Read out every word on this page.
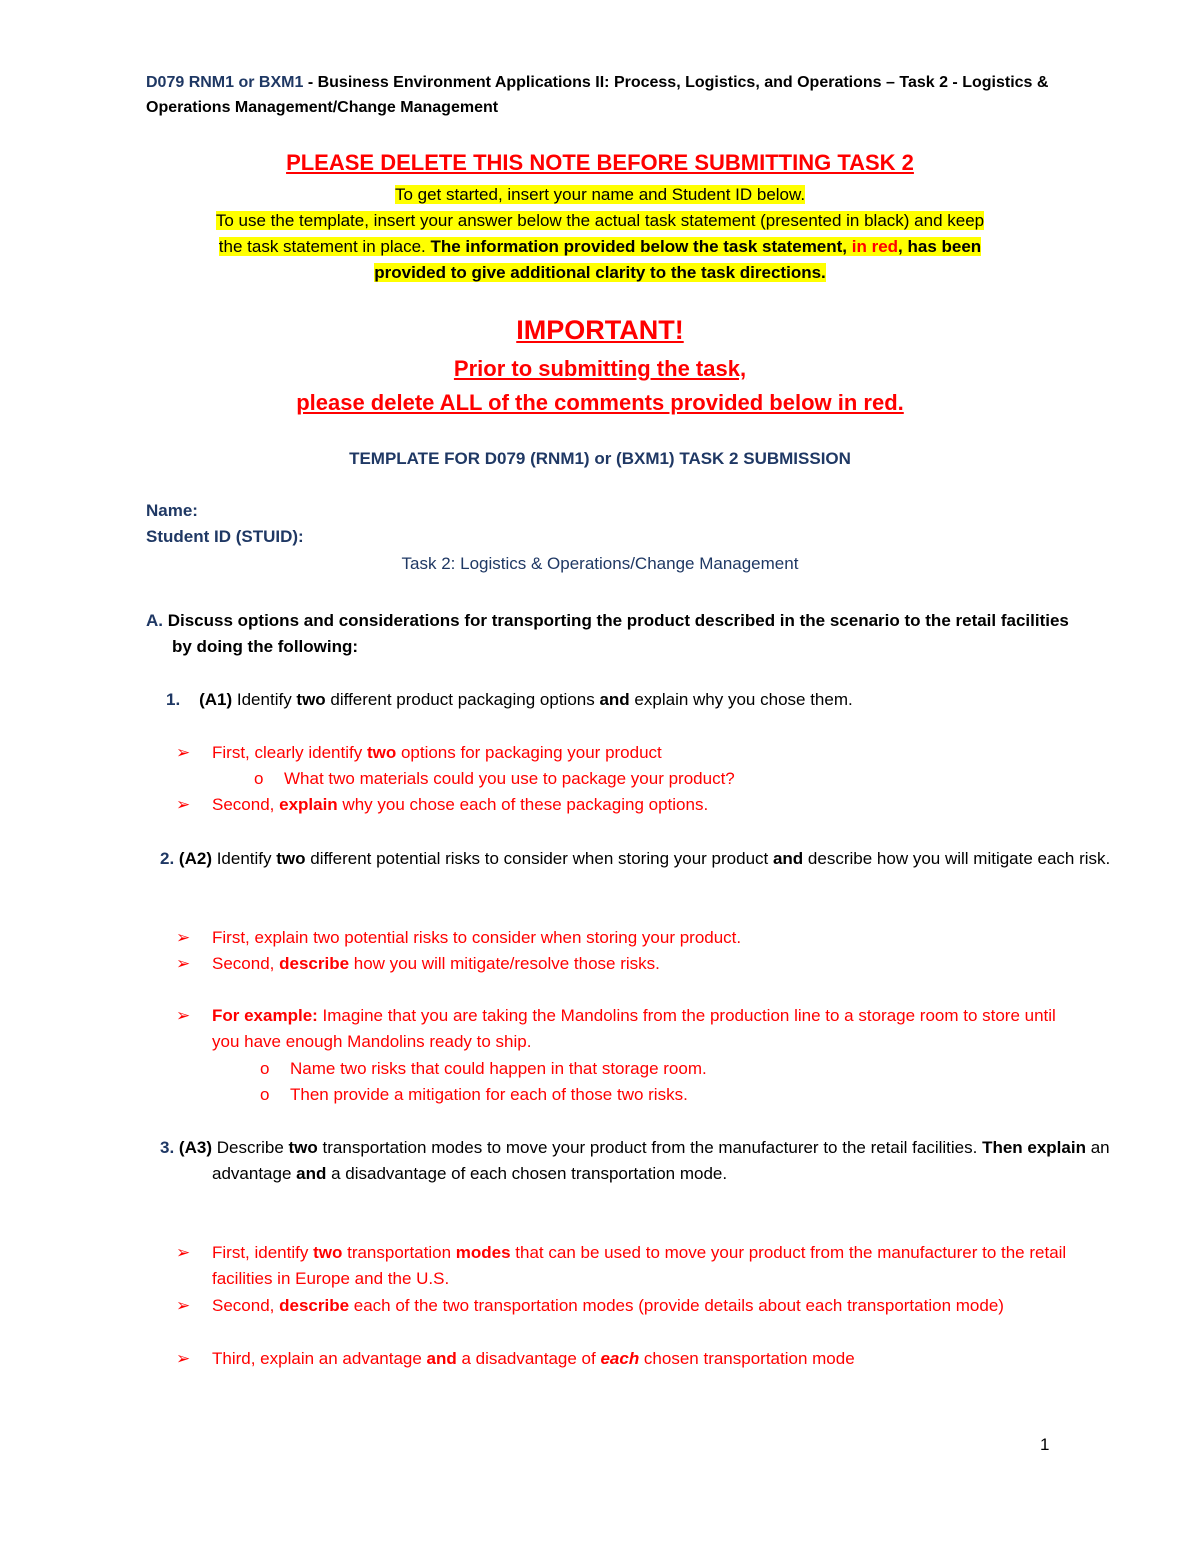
D079 RNM1 or BXM1 - Business Environment Applications II: Process, Logistics, and Operations – Task 2 - Logistics & Operations Management/Change Management
PLEASE DELETE THIS NOTE BEFORE SUBMITTING TASK 2
To get started, insert your name and Student ID below.
To use the template, insert your answer below the actual task statement (presented in black) and keep
the task statement in place. The information provided below the task statement, in red, has been
provided to give additional clarity to the task directions.
IMPORTANT!
Prior to submitting the task,
please delete ALL of the comments provided below in red.
TEMPLATE FOR D079 (RNM1) or (BXM1) TASK 2 SUBMISSION
Name:
Student ID (STUID):
Task 2: Logistics & Operations/Change Management
A. Discuss options and considerations for transporting the product described in the scenario to the retail facilities by doing the following:
1. (A1) Identify two different product packaging options and explain why you chose them.
➢ First, clearly identify two options for packaging your product
o What two materials could you use to package your product?
➢ Second, explain why you chose each of these packaging options.
2. (A2) Identify two different potential risks to consider when storing your product and describe how you will mitigate each risk.
➢ First, explain two potential risks to consider when storing your product.
➢ Second, describe how you will mitigate/resolve those risks.
➢ For example: Imagine that you are taking the Mandolins from the production line to a storage room to store until you have enough Mandolins ready to ship.
o Name two risks that could happen in that storage room.
o Then provide a mitigation for each of those two risks.
3. (A3) Describe two transportation modes to move your product from the manufacturer to the retail facilities. Then explain an advantage and a disadvantage of each chosen transportation mode.
➢ First, identify two transportation modes that can be used to move your product from the manufacturer to the retail facilities in Europe and the U.S.
➢ Second, describe each of the two transportation modes (provide details about each transportation mode)
➢ Third, explain an advantage and a disadvantage of each chosen transportation mode
1
